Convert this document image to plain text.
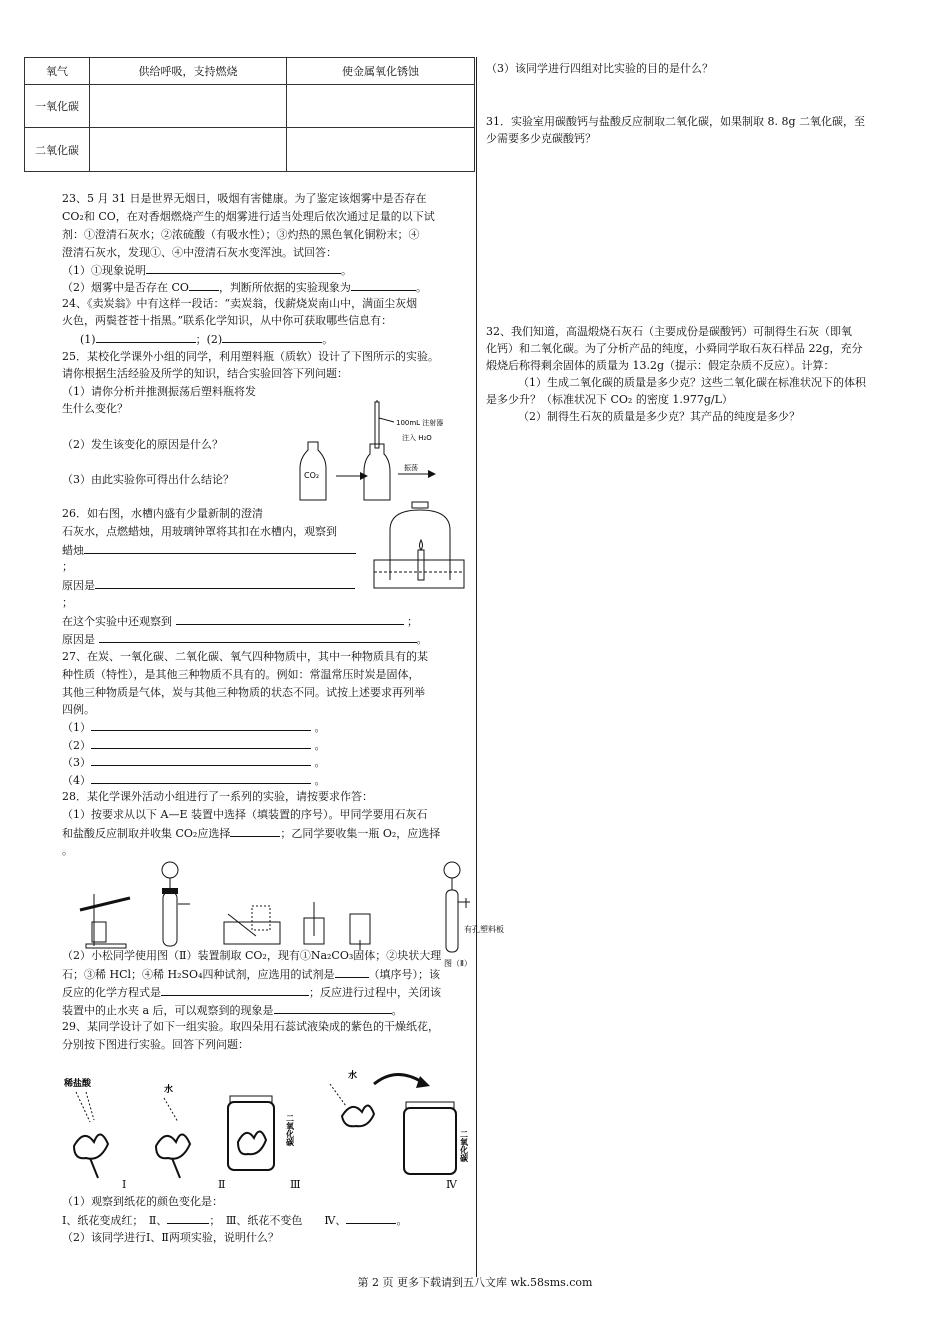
氧气	供给呼吸，支持燃烧	使金属氧化锈蚀
一氧化碳		
二氧化碳		
23、5 月 31 日是世界无烟日，吸烟有害健康。为了鉴定该烟雾中是否存在
CO₂和 CO，在对香烟燃烧产生的烟雾进行适当处理后依次通过足量的以下试
剂：①澄清石灰水；②浓硫酸（有吸水性）；③灼热的黑色氧化铜粉末；④
澄清石灰水，发现①、④中澄清石灰水变浑浊。试回答：
（1）①现象说明	。
（2）烟雾中是否存在 CO	，判断所依据的实验现象为	。
24、《卖炭翁》中有这样一段话：“卖炭翁，伐薪烧炭南山中，满面尘灰烟
火色，两鬓苍苍十指黑。”联系化学知识，从中你可获取哪些信息有：
(1)	；(2)	。
25．某校化学课外小组的同学，利用塑料瓶（质软）设计了下图所示的实验。
请你根据生活经验及所学的知识，结合实验回答下列问题：
（1）请你分析并推测振荡后塑料瓶将发
生什么变化？
（2）发生该变化的原因是什么？
（3）由此实验你可得出什么结论？	CO₂
100mL 注射器
注入 H₂O
振荡
26．如右图，水槽内盛有少量新制的澄清
石灰水，点燃蜡烛，用玻璃钟罩将其扣在水槽内，观察到
蜡烛
；
原因是
；
在这个实验中还观察到	；
原因是	。
27、在炭、一氧化碳、二氧化碳、氧气四种物质中，其中一种物质具有的某
种性质（特性），是其他三种物质不具有的。例如：常温常压时炭是固体，
其他三种物质是气体，炭与其他三种物质的状态不同。试按上述要求再列举
四例。
（1）	。
（2）	。
（3）	。
（4）	。
28．某化学课外活动小组进行了一系列的实验，请按要求作答：
（1）按要求从以下 A—E 装置中选择（填装置的序号）。甲同学要用石灰石
和盐酸反应制取并收集 CO₂应选择	；乙同学要收集一瓶 O₂，应选择
。
有孔塑料板
图（Ⅱ）
（2）小松同学使用图（Ⅱ）装置制取 CO₂，现有①Na₂CO₃固体；②块状大理
石；③稀 HCl；④稀 H₂SO₄四种试剂，应选用的试剂是	（填序号）；该
反应的化学方程式是	；反应进行过程中，关闭该
装置中的止水夹 a 后，可以观察到的现象是	。
29、某同学设计了如下一组实验。取四朵用石蕊试液染成的紫色的干燥纸花，
分别按下图进行实验。回答下列问题：
稀盐酸
水
二氧化碳
水
二氧化碳
Ⅰ	Ⅱ	Ⅲ	Ⅳ
（1）观察到纸花的颜色变化是：
Ⅰ、纸花变成红；　Ⅱ、	；　Ⅲ、纸花不变色　　Ⅳ、	。
（2）该同学进行Ⅰ、Ⅱ两项实验，说明什么？
（3）该同学进行四组对比实验的目的是什么？
31．实验室用碳酸钙与盐酸反应制取二氧化碳，如果制取 8. 8g 二氧化碳，至
少需要多少克碳酸钙？
32、我们知道，高温煅烧石灰石（主要成份是碳酸钙）可制得生石灰（即氧
化钙）和二氧化碳。为了分析产品的纯度，小舜同学取石灰石样品 22g，充分
煅烧后称得剩余固体的质量为 13.2g（提示：假定杂质不反应）。计算：
（1）生成二氧化碳的质量是多少克？这些二氧化碳在标准状况下的体积
是多少升？（标准状况下 CO₂ 的密度 1.977g/L）
（2）制得生石灰的质量是多少克？其产品的纯度是多少？
第 2 页 更多下载请到五八文库 wk.58sms.com
